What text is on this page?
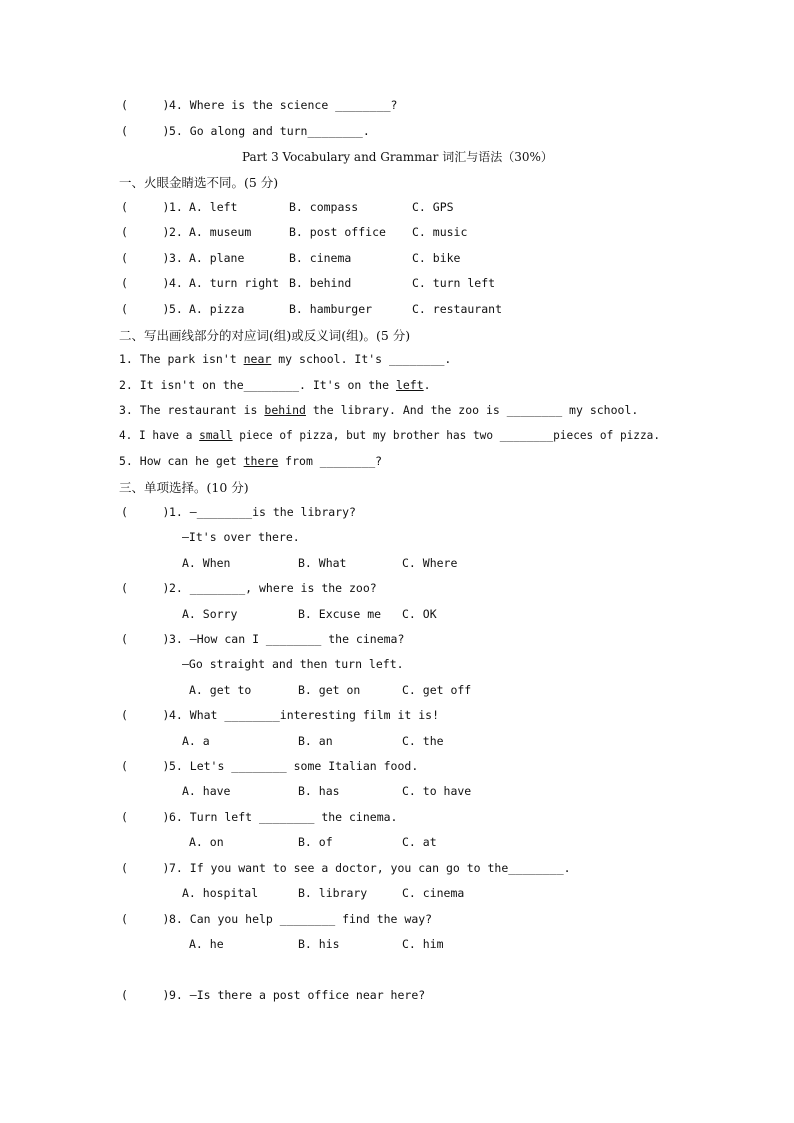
(     ) 4. Where is the science ________?
(     ) 5. Go along and turn________.
Part 3 Vocabulary and Grammar 词汇与语法（30%）
一、火眼金睛选不同。(5 分)
(     ) 1. A. left	B. compass	C. GPS
(     ) 2. A. museum	B. post office C. music
(     ) 3. A. plane	B. cinema	C. bike
(     ) 4. A. turn right B. behind	C. turn left
(     ) 5. A. pizza	B. hamburger	C. restaurant
二、写出画线部分的对应词(组)或反义词(组)。(5 分)
1. The park isn't near my school. It's ________.
2. It isn't on the________. It's on the left.
3. The restaurant is behind the library. And the zoo is ________ my school.
4. I have a small piece of pizza, but my brother has two ________pieces of pizza.
5. How can he get there from ________?
三、单项选择。(10 分)
(     ) 1. —________is the library?
—It's over there.
A. When	B. What	C. Where
(     ) 2. ________, where is the zoo?
A. Sorry	B. Excuse me C. OK
(     ) 3. —How can I ________ the cinema?
—Go straight and then turn left.
A. get to	B. get on	C. get off
(     ) 4. What ________interesting film it is!
A. a	B. an	C. the
(     ) 5. Let's ________ some Italian food.
A. have	B. has	C. to have
(     ) 6. Turn left ________ the cinema.
A. on	B. of	C. at
(     ) 7. If you want to see a doctor, you can go to the________.
A. hospital	B. library	C. cinema
(     ) 8. Can you help ________ find the way?
A. he	B. his	C. him
(     ) 9. —Is there a post office near here?
